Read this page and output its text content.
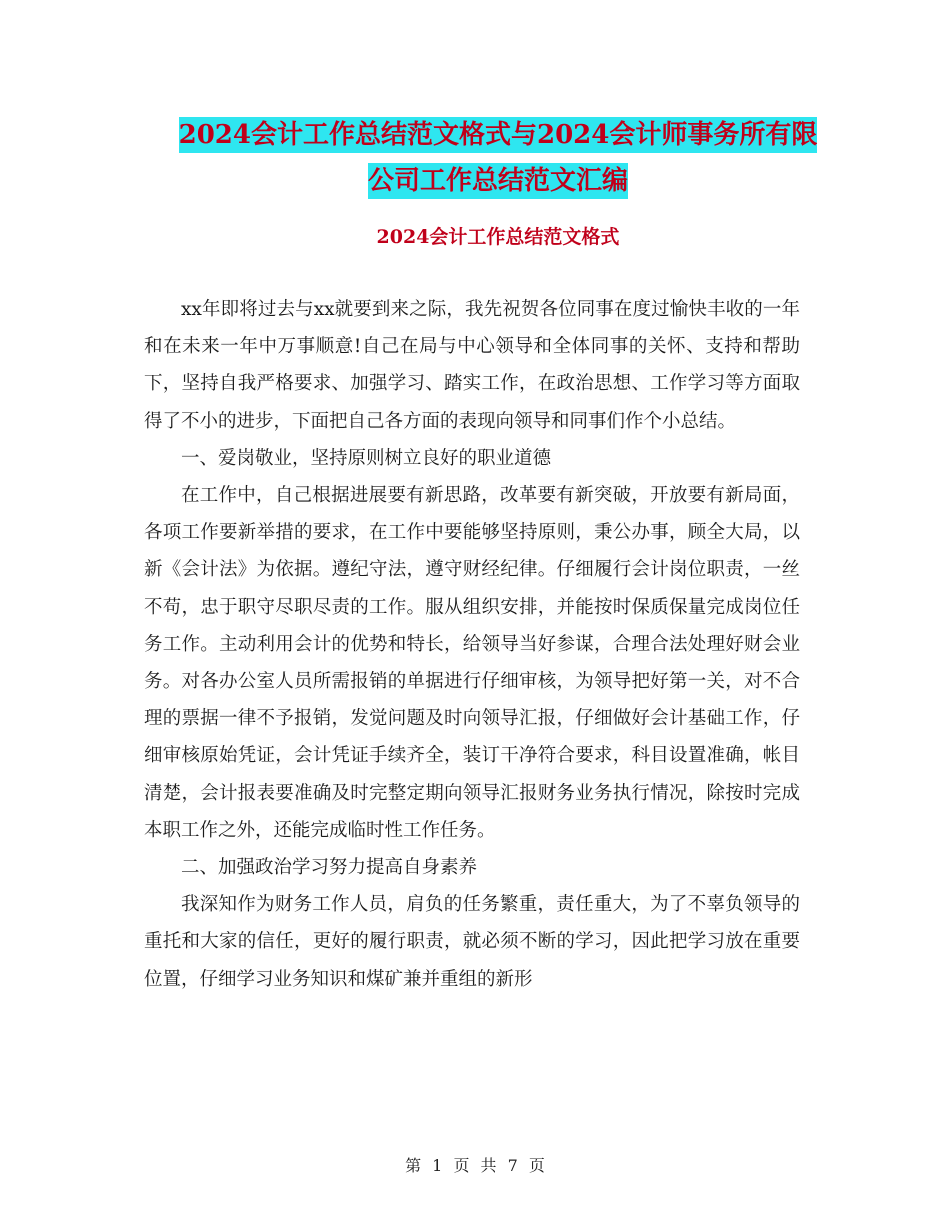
2024会计工作总结范文格式与2024会计师事务所有限
公司工作总结范文汇编
2024会计工作总结范文格式

xx年即将过去与xx就要到来之际，我先祝贺各位同事在度过愉快丰收的一年和在未来一年中万事顺意!自己在局与中心领导和全体同事的关怀、支持和帮助下，坚持自我严格要求、加强学习、踏实工作，在政治思想、工作学习等方面取得了不小的进步，下面把自己各方面的表现向领导和同事们作个小总结。

一、爱岗敬业，坚持原则树立良好的职业道德

在工作中，自己根据进展要有新思路，改革要有新突破，开放要有新局面，各项工作要新举措的要求，在工作中要能够坚持原则，秉公办事，顾全大局，以新《会计法》为依据。遵纪守法，遵守财经纪律。仔细履行会计岗位职责，一丝不苟，忠于职守尽职尽责的工作。服从组织安排，并能按时保质保量完成岗位任务工作。主动利用会计的优势和特长，给领导当好参谋，合理合法处理好财会业务。对各办公室人员所需报销的单据进行仔细审核，为领导把好第一关，对不合理的票据一律不予报销，发觉问题及时向领导汇报，仔细做好会计基础工作，仔细审核原始凭证，会计凭证手续齐全，装订干净符合要求，科目设置准确，帐目清楚，会计报表要准确及时完整定期向领导汇报财务业务执行情况，除按时完成本职工作之外，还能完成临时性工作任务。

二、加强政治学习努力提高自身素养

我深知作为财务工作人员，肩负的任务繁重，责任重大，为了不辜负领导的重托和大家的信任，更好的履行职责，就必须不断的学习，因此把学习放在重要位置，仔细学习业务知识和煤矿兼并重组的新形

第 1 页 共 7 页
